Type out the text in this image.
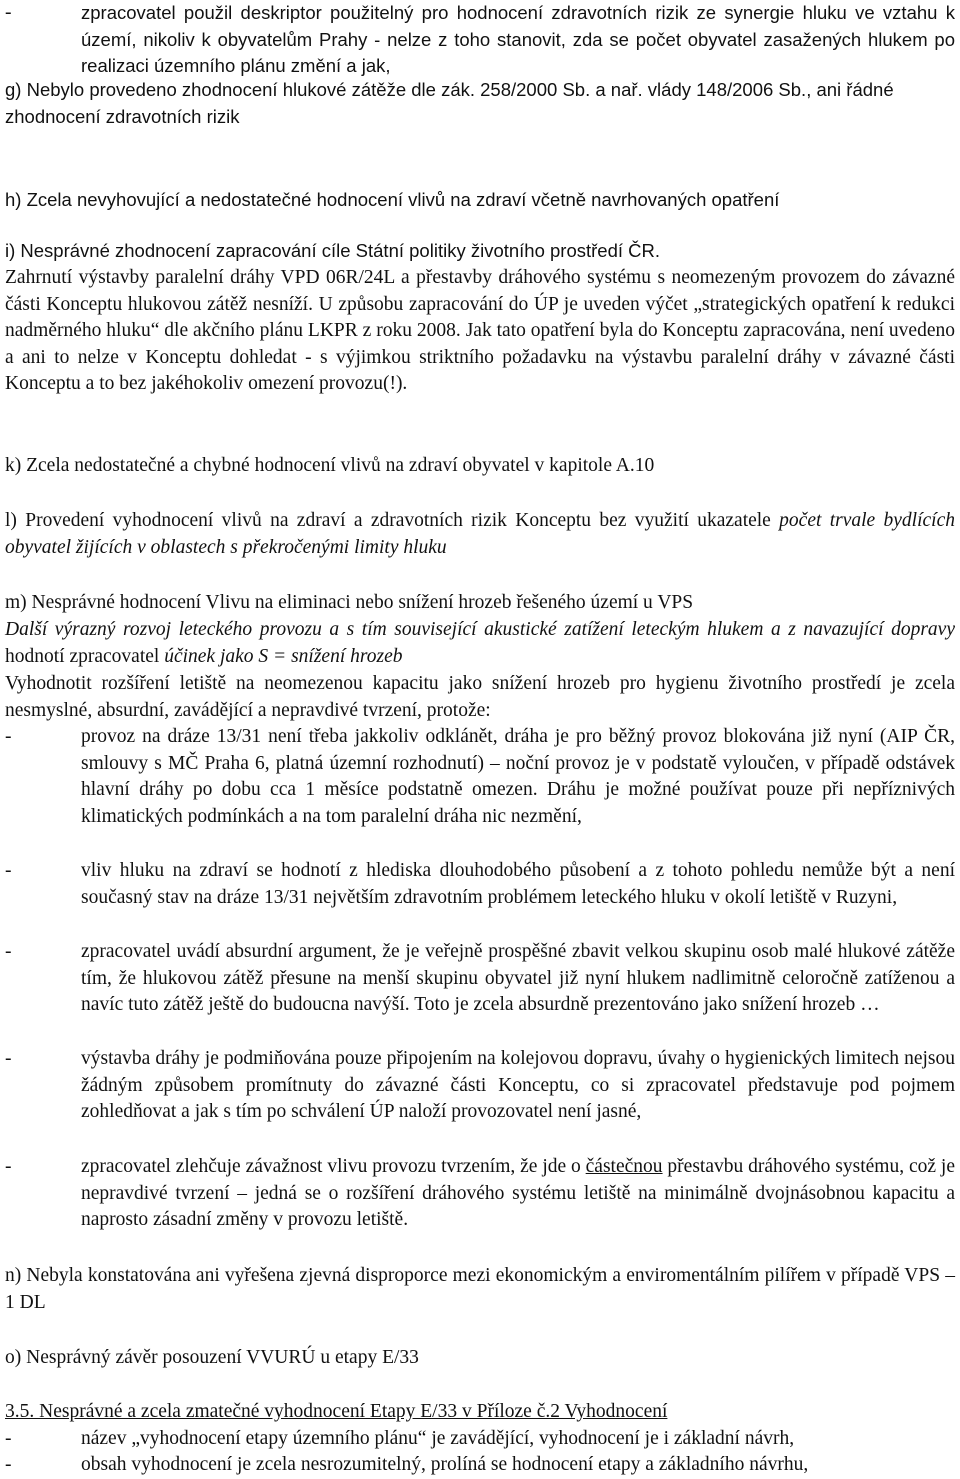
-	zpracovatel použil deskriptor použitelný pro hodnocení zdravotních rizik ze synergie hluku ve vztahu k území, nikoliv k obyvatelům Prahy - nelze z toho stanovit, zda se počet obyvatel zasažených hlukem po realizaci územního plánu změní a jak,
g) Nebylo provedeno zhodnocení hlukové zátěže dle zák. 258/2000 Sb. a nař. vlády 148/2006 Sb., ani řádné zhodnocení zdravotních rizik
h) Zcela nevyhovující a nedostatečné hodnocení vlivů na zdraví včetně navrhovaných opatření
i) Nesprávné zhodnocení zapracování cíle Státní politiky životního prostředí ČR.
Zahrnutí výstavby paralelní dráhy VPD 06R/24L a přestavby dráhového systému s neomezeným provozem do závazné části Konceptu hlukovou zátěž nesníží. U způsobu zapracování do ÚP je uveden výčet „strategických opatření k redukci nadměrného hluku“ dle akčního plánu LKPR z roku 2008. Jak tato opatření byla do Konceptu zapracována, není uvedeno a ani to nelze v Konceptu dohledat - s výjimkou striktního požadavku na výstavbu paralelní dráhy v závazné části Konceptu a to bez jakéhokoliv omezení provozu(!).
k) Zcela nedostatečné a chybné hodnocení vlivů na zdraví obyvatel v kapitole A.10
l) Provedení vyhodnocení vlivů na zdraví a zdravotních rizik Konceptu bez využití ukazatele počet trvale bydlících obyvatel žijících v oblastech s překročenými limity hluku
m) Nesprávné hodnocení Vlivu na eliminaci nebo snížení hrozeb řešeného území u VPS
Další výrazný rozvoj leteckého provozu a s tím související akustické zatížení leteckým hlukem a z navazující dopravy hodnotí zpracovatel účinek jako S = snížení hrozeb
Vyhodnotit rozšíření letiště na neomezenou kapacitu jako snížení hrozeb pro hygienu životního prostředí je zcela nesmyslné, absurdní, zavádějící a nepravdivé tvrzení, protože:
-	provoz na dráze 13/31 není třeba jakkoliv odklánět, dráha je pro běžný provoz blokována již nyní (AIP ČR, smlouvy s MČ Praha 6, platná územní rozhodnutí) – noční provoz je v podstatě vyloučen, v případě odstávek hlavní dráhy po dobu cca 1 měsíce podstatně omezen. Dráhu je možné používat pouze při nepříznivých klimatických podmínkách a na tom paralelní dráha nic nezmění,
-	vliv hluku na zdraví se hodnotí z hlediska dlouhodobého působení a z tohoto pohledu nemůže být a není současný stav na dráze 13/31 největším zdravotním problémem leteckého hluku v okolí letiště v Ruzyni,
-	zpracovatel uvádí absurdní argument, že je veřejně prospěšné zbavit velkou skupinu osob malé hlukové zátěže tím, že hlukovou zátěž přesune na menší skupinu obyvatel již nyní hlukem nadlimitně celoročně zatíženou a navíc tuto zátěž ještě do budoucna navýší. Toto je zcela absurdně prezentováno jako snížení hrozeb …
-	výstavba dráhy je podmiňována pouze připojením na kolejovou dopravu, úvahy o hygienických limitech nejsou žádným způsobem promítnuty do závazné části Konceptu, co si zpracovatel představuje pod pojmem zohledňovat a jak s tím po schválení ÚP naloží provozovatel není jasné,
-	zpracovatel zlehčuje závažnost vlivu provozu tvrzením, že jde o částečnou přestavbu dráhového systému, což je nepravdivé tvrzení – jedná se o rozšíření dráhového systému letiště na minimálně dvojnásobnou kapacitu a naprosto zásadní změny v provozu letiště.
n) Nebyla konstatována ani vyřešena zjevná disproporce mezi ekonomickým a enviromentálním pilířem v případě VPS – 1 DL
o) Nesprávný závěr posouzení VVURÚ u etapy E/33
3.5. Nesprávné a zcela zmatečné vyhodnocení Etapy E/33 v Příloze č.2 Vyhodnocení
-	název „vyhodnocení etapy územního plánu“ je zavádějící, vyhodnocení je i základní návrh,
-	obsah vyhodnocení je zcela nesrozumitelný, prolíná se hodnocení etapy a základního návrhu,
